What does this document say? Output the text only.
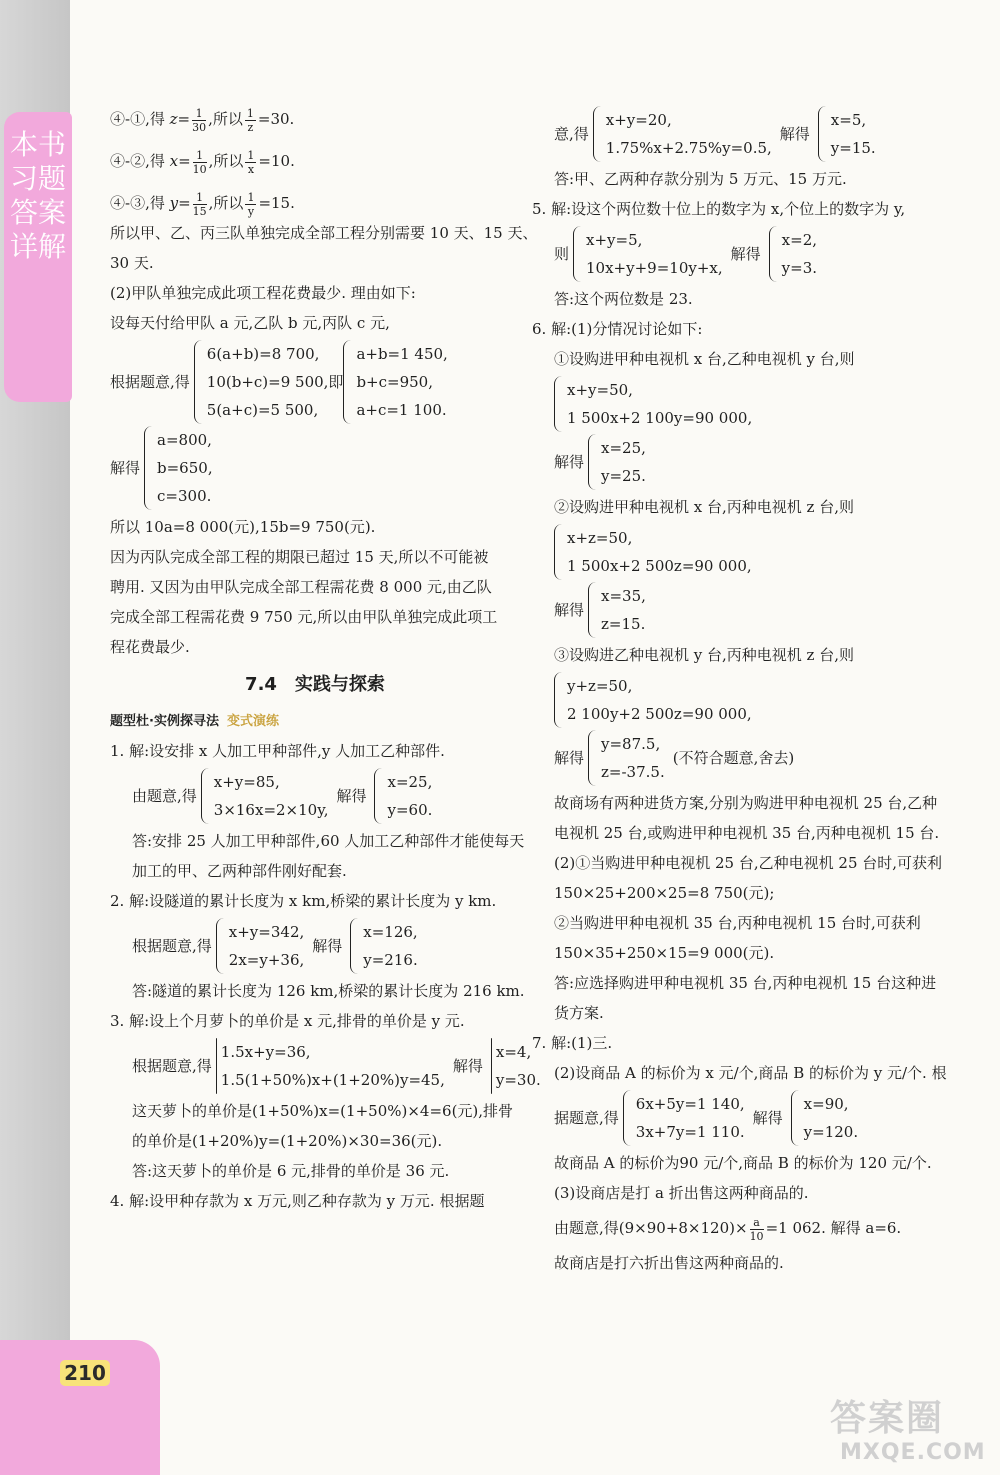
本书习题答案详解
210
答案圈
MXQE.COM
④-①,得 $z= \frac{1}{30}$ ,所以 $\frac{1}{z} =30$.
④-②,得 $x= \frac{1}{10}$ ,所以 $\frac{1}{x} =10$.
④-③,得 $y= \frac{1}{15}$ ,所以 $\frac{1}{y} =15$.
所以甲、乙、丙三队单独完成全部工程分别需要 10 天、15 天、
30 天.
(2)甲队单独完成此项工程花费最少. 理由如下:
设每天付给甲队 a 元,乙队 b 元,丙队 c 元,
根据题意,得
6(a+b)=8 700,
10(b+c)=9 500,
5(a+c)=5 500,
即
a+b=1 450,
b+c=950,
a+c=1 100.
解得
a=800,
b=650,
c=300.
所以 10a=8 000(元),15b=9 750(元).
因为丙队完成全部工程的期限已超过 15 天,所以不可能被
聘用. 又因为由甲队完成全部工程需花费 8 000 元,由乙队
完成全部工程需花费 9 750 元,所以由甲队单独完成此项工
程花费最少.
7.4　实践与探索
题型杜·实例探寻法 变式演练
1. 解:设安排 x 人加工甲种部件,y 人加工乙种部件.
由题意,得
x+y=85,
3×16x=2×10y,
解得
x=25,
y=60.
答:安排 25 人加工甲种部件,60 人加工乙种部件才能使每天
加工的甲、乙两种部件刚好配套.
2. 解:设隧道的累计长度为 x km,桥梁的累计长度为 y km.
根据题意,得
x+y=342,
2x=y+36,
解得
x=126,
y=216.
答:隧道的累计长度为 126 km,桥梁的累计长度为 216 km.
3. 解:设上个月萝卜的单价是 x 元,排骨的单价是 y 元.
根据题意,得
1.5x+y=36,
1.5(1+50%)x+(1+20%)y=45,
解得
x=4,
y=30.
这天萝卜的单价是(1+50%)x=(1+50%)×4=6(元),排骨
的单价是(1+20%)y=(1+20%)×30=36(元).
答:这天萝卜的单价是 6 元,排骨的单价是 36 元.
4. 解:设甲种存款为 x 万元,则乙种存款为 y 万元. 根据题
意,得
x+y=20,
1.75%x+2.75%y=0.5,
解得
x=5,
y=15.
答:甲、乙两种存款分别为 5 万元、15 万元.
5. 解:设这个两位数十位上的数字为 x,个位上的数字为 y,
则
x+y=5,
10x+y+9=10y+x,
解得
x=2,
y=3.
答:这个两位数是 23.
6. 解:(1)分情况讨论如下:
①设购进甲种电视机 x 台,乙种电视机 y 台,则
x+y=50,
1 500x+2 100y=90 000,
解得
x=25,
y=25.
②设购进甲种电视机 x 台,丙种电视机 z 台,则
x+z=50,
1 500x+2 500z=90 000,
解得
x=35,
z=15.
③设购进乙种电视机 y 台,丙种电视机 z 台,则
y+z=50,
2 100y+2 500z=90 000,
解得
y=87.5,
z=-37.5.
(不符合题意,舍去)
故商场有两种进货方案,分别为购进甲种电视机 25 台,乙种
电视机 25 台,或购进甲种电视机 35 台,丙种电视机 15 台.
(2)①当购进甲种电视机 25 台,乙种电视机 25 台时,可获利
150×25+200×25=8 750(元);
②当购进甲种电视机 35 台,丙种电视机 15 台时,可获利
150×35+250×15=9 000(元).
答:应选择购进甲种电视机 35 台,丙种电视机 15 台这种进
货方案.
7. 解:(1)三.
(2)设商品 A 的标价为 x 元/个,商品 B 的标价为 y 元/个. 根
据题意,得
6x+5y=1 140,
3x+7y=1 110.
解得
x=90,
y=120.
故商品 A 的标价为90 元/个,商品 B 的标价为 120 元/个.
(3)设商店是打 a 折出售这两种商品的.
由题意,得$(9\times 90+8\times 120)\times \frac{a}{10} =1$ 062. 解得 a=6.
故商店是打六折出售这两种商品的.
